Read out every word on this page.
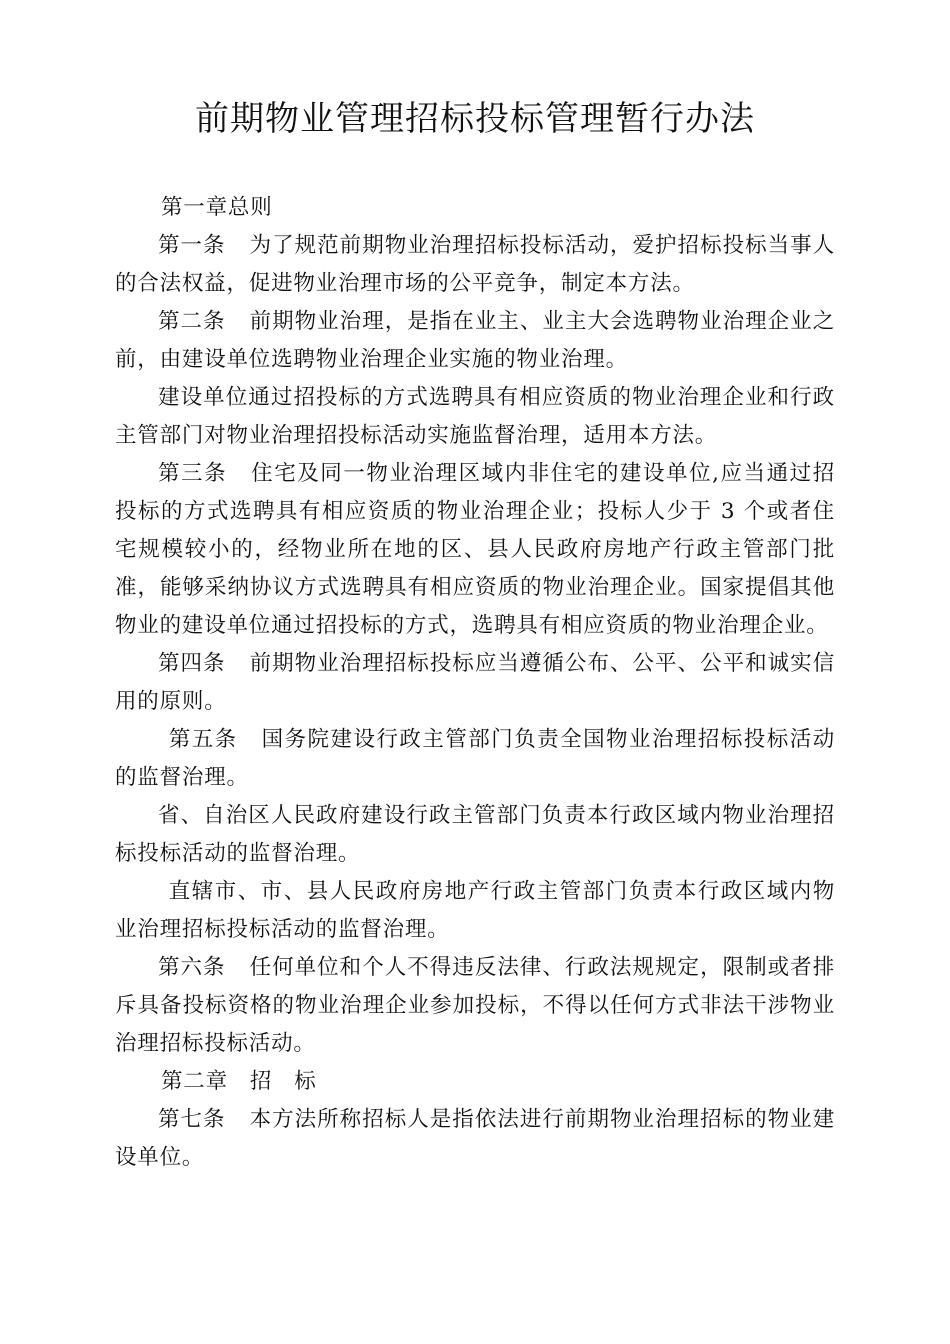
前期物业管理招标投标管理暂行办法

第一章总则

第一条 为了规范前期物业治理招标投标活动，爱护招标投标当事人的合法权益，促进物业治理市场的公平竞争，制定本方法。

第二条 前期物业治理，是指在业主、业主大会选聘物业治理企业之前，由建设单位选聘物业治理企业实施的物业治理。

建设单位通过招投标的方式选聘具有相应资质的物业治理企业和行政主管部门对物业治理招投标活动实施监督治理，适用本方法。

第三条 住宅及同一物业治理区域内非住宅的建设单位,应当通过招投标的方式选聘具有相应资质的物业治理企业；投标人少于 3 个或者住宅规模较小的，经物业所在地的区、县人民政府房地产行政主管部门批准，能够采纳协议方式选聘具有相应资质的物业治理企业。国家提倡其他物业的建设单位通过招投标的方式，选聘具有相应资质的物业治理企业。

第四条 前期物业治理招标投标应当遵循公布、公平、公平和诚实信用的原则。

第五条 国务院建设行政主管部门负责全国物业治理招标投标活动的监督治理。

省、自治区人民政府建设行政主管部门负责本行政区域内物业治理招标投标活动的监督治理。

直辖市、市、县人民政府房地产行政主管部门负责本行政区域内物业治理招标投标活动的监督治理。

第六条 任何单位和个人不得违反法律、行政法规规定，限制或者排斥具备投标资格的物业治理企业参加投标，不得以任何方式非法干涉物业治理招标投标活动。

第二章 招 标

第七条 本方法所称招标人是指依法进行前期物业治理招标的物业建设单位。
